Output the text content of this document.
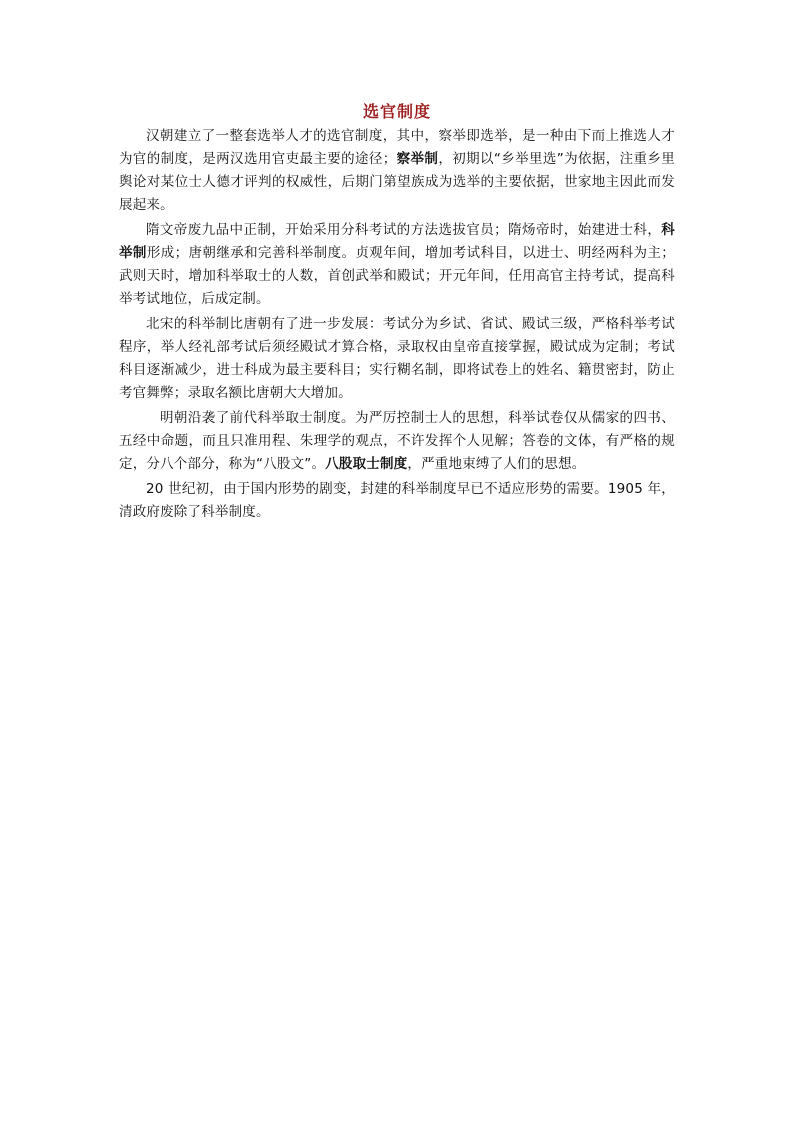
选官制度

汉朝建立了一整套选举人才的选官制度，其中，察举即选举，是一种由下而上推选人才为官的制度，是两汉选用官吏最主要的途径；察举制，初期以“乡举里选”为依据，注重乡里舆论对某位士人德才评判的权威性，后期门第望族成为选举的主要依据，世家地主因此而发展起来。

隋文帝废九品中正制，开始采用分科考试的方法选拔官员；隋炀帝时，始建进士科，科举制形成；唐朝继承和完善科举制度。贞观年间，增加考试科目，以进士、明经两科为主；武则天时，增加科举取士的人数，首创武举和殿试；开元年间，任用高官主持考试，提高科举考试地位，后成定制。

北宋的科举制比唐朝有了进一步发展：考试分为乡试、省试、殿试三级，严格科举考试程序，举人经礼部考试后须经殿试才算合格，录取权由皇帝直接掌握，殿试成为定制；考试科目逐渐减少，进士科成为最主要科目；实行糊名制，即将试卷上的姓名、籍贯密封，防止考官舞弊；录取名额比唐朝大大增加。

明朝沿袭了前代科举取士制度。为严厉控制士人的思想，科举试卷仅从儒家的四书、五经中命题，而且只准用程、朱理学的观点，不许发挥个人见解；答卷的文体，有严格的规定，分八个部分，称为“八股文”。八股取士制度，严重地束缚了人们的思想。

20 世纪初，由于国内形势的剧变，封建的科举制度早已不适应形势的需要。1905 年，清政府废除了科举制度。
